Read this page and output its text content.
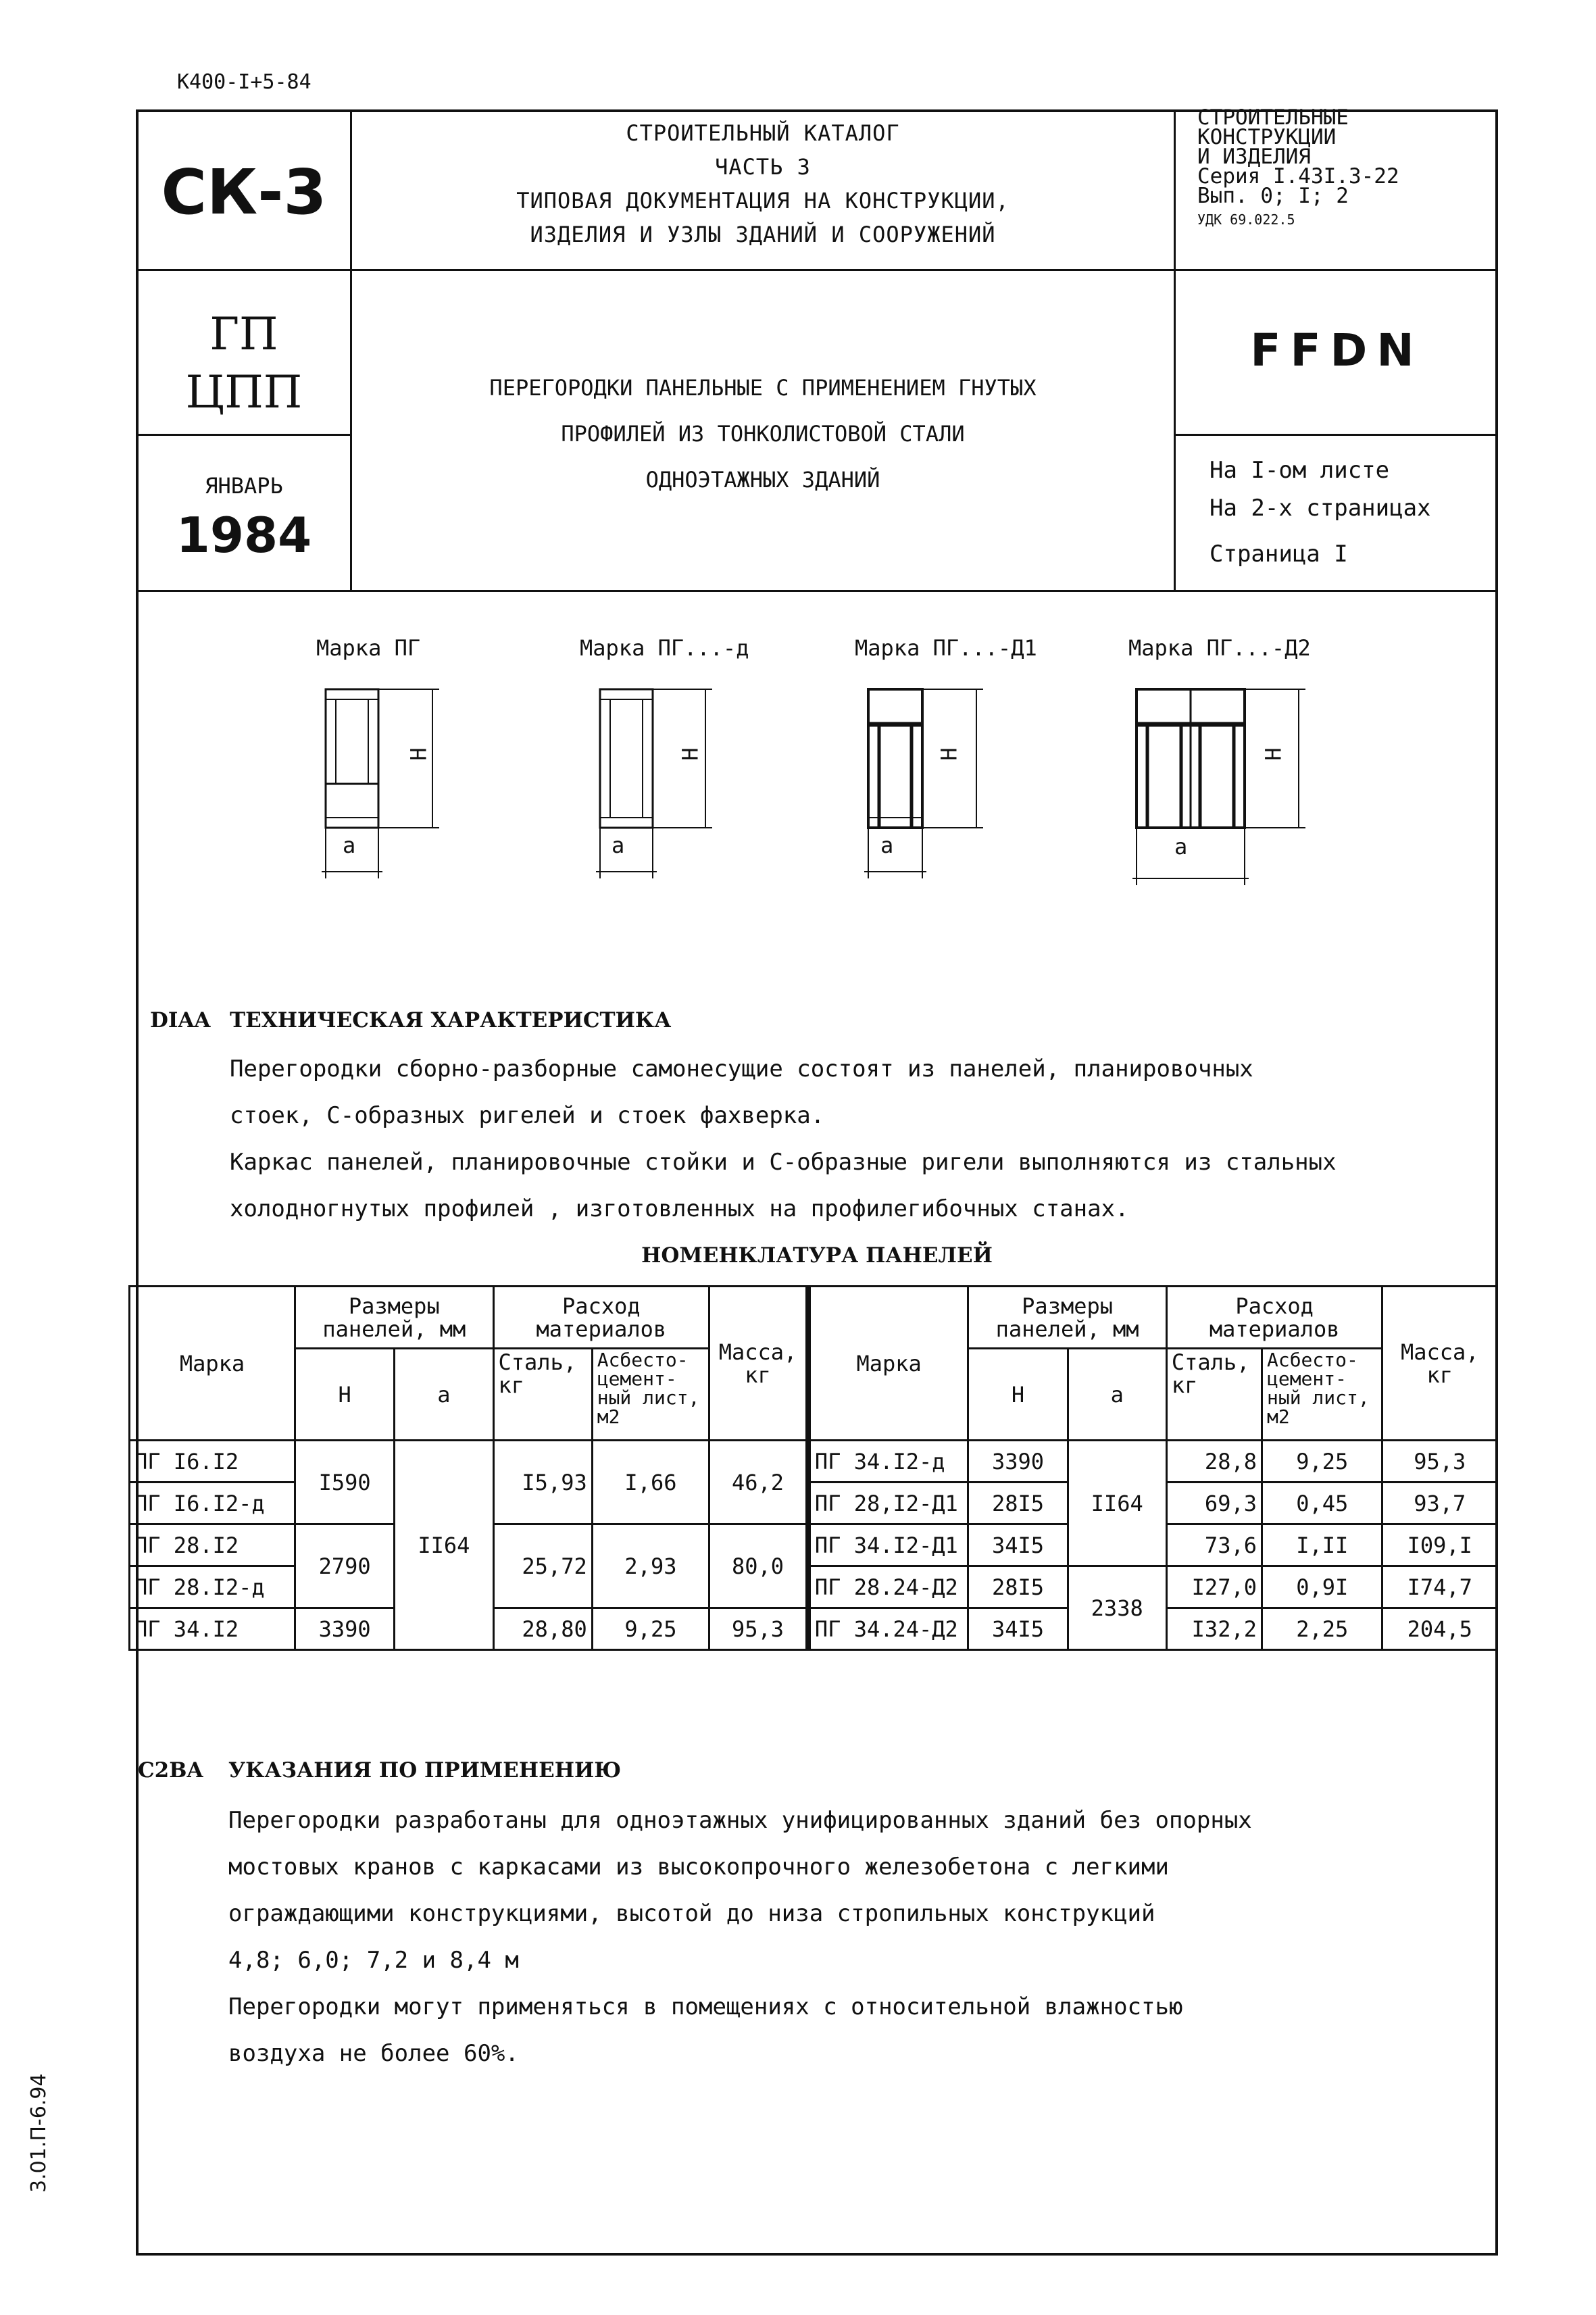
К400-I+5-84
СК-3
СТРОИТЕЛЬНЫЙ КАТАЛОГ
ЧАСТЬ 3
ТИПОВАЯ ДОКУМЕНТАЦИЯ НА КОНСТРУКЦИИ,
ИЗДЕЛИЯ И УЗЛЫ ЗДАНИЙ И СООРУЖЕНИЙ
СТРОИТЕЛЬНЫЕ
КОНСТРУКЦИИ
И ИЗДЕЛИЯ
Серия I.43I.3-22
Вып. 0; I; 2
УДК 69.022.5
ГП
ЦПП
ЯНВАРЬ
1984
ПЕРЕГОРОДКИ ПАНЕЛЬНЫЕ С ПРИМЕНЕНИЕМ ГНУТЫХ
ПРОФИЛЕЙ ИЗ ТОНКОЛИСТОВОЙ СТАЛИ
ОДНОЭТАЖНЫХ ЗДАНИЙ
FFDN
На I-ом листе
На 2-х страницах
Страница I
Марка ПГ	Марка ПГ...-д	Марка ПГ...-Д1	Марка ПГ...-Д2
Н
а
Н
а
Н
а
Н
а
DIAA ТЕХНИЧЕСКАЯ ХАРАКТЕРИСТИКА
Перегородки сборно-разборные самонесущие состоят из панелей, планировочных
стоек, С-образных ригелей и стоек фахверка.
Каркас панелей, планировочные стойки и С-образные ригели выполняются из стальных
холодногнутых профилей , изготовленных на профилегибочных станах.
НОМЕНКЛАТУРА ПАНЕЛЕЙ
Марка	Размеры панелей, мм		Расход материалов		Масса, кг	Марка	Размеры панелей, мм		Расход материалов		Масса, кг
	Н	а	Сталь, кг	Асбесто-цемент-ный лист, м2			Н	а	Сталь, кг	Асбесто-цемент-ный лист, м2	
ПГ I6.I2	I590	II64	I5,93	I,66	46,2	ПГ 34.I2-д	3390	II64	28,8	9,25	95,3
ПГ I6.I2-д						ПГ 28,I2-Д1	28I5		69,3	0,45	93,7
ПГ 28.I2	2790		25,72	2,93	80,0	ПГ 34.I2-Д1	34I5		73,6	I,II	I09,I
ПГ 28.I2-д						ПГ 28.24-Д2	28I5	2338	I27,0	0,9I	I74,7
ПГ 34.I2	3390		28,80	9,25	95,3	ПГ 34.24-Д2	34I5		I32,2	2,25	204,5
C2BA УКАЗАНИЯ ПО ПРИМЕНЕНИЮ
Перегородки разработаны для одноэтажных унифицированных зданий без опорных
мостовых кранов с каркасами из высокопрочного железобетона с легкими
ограждающими конструкциями, высотой до низа стропильных конструкций
4,8; 6,0; 7,2 и 8,4 м
Перегородки могут применяться в помещениях с относительной влажностью
воздуха не более 60%.
3.01.П-6.94
